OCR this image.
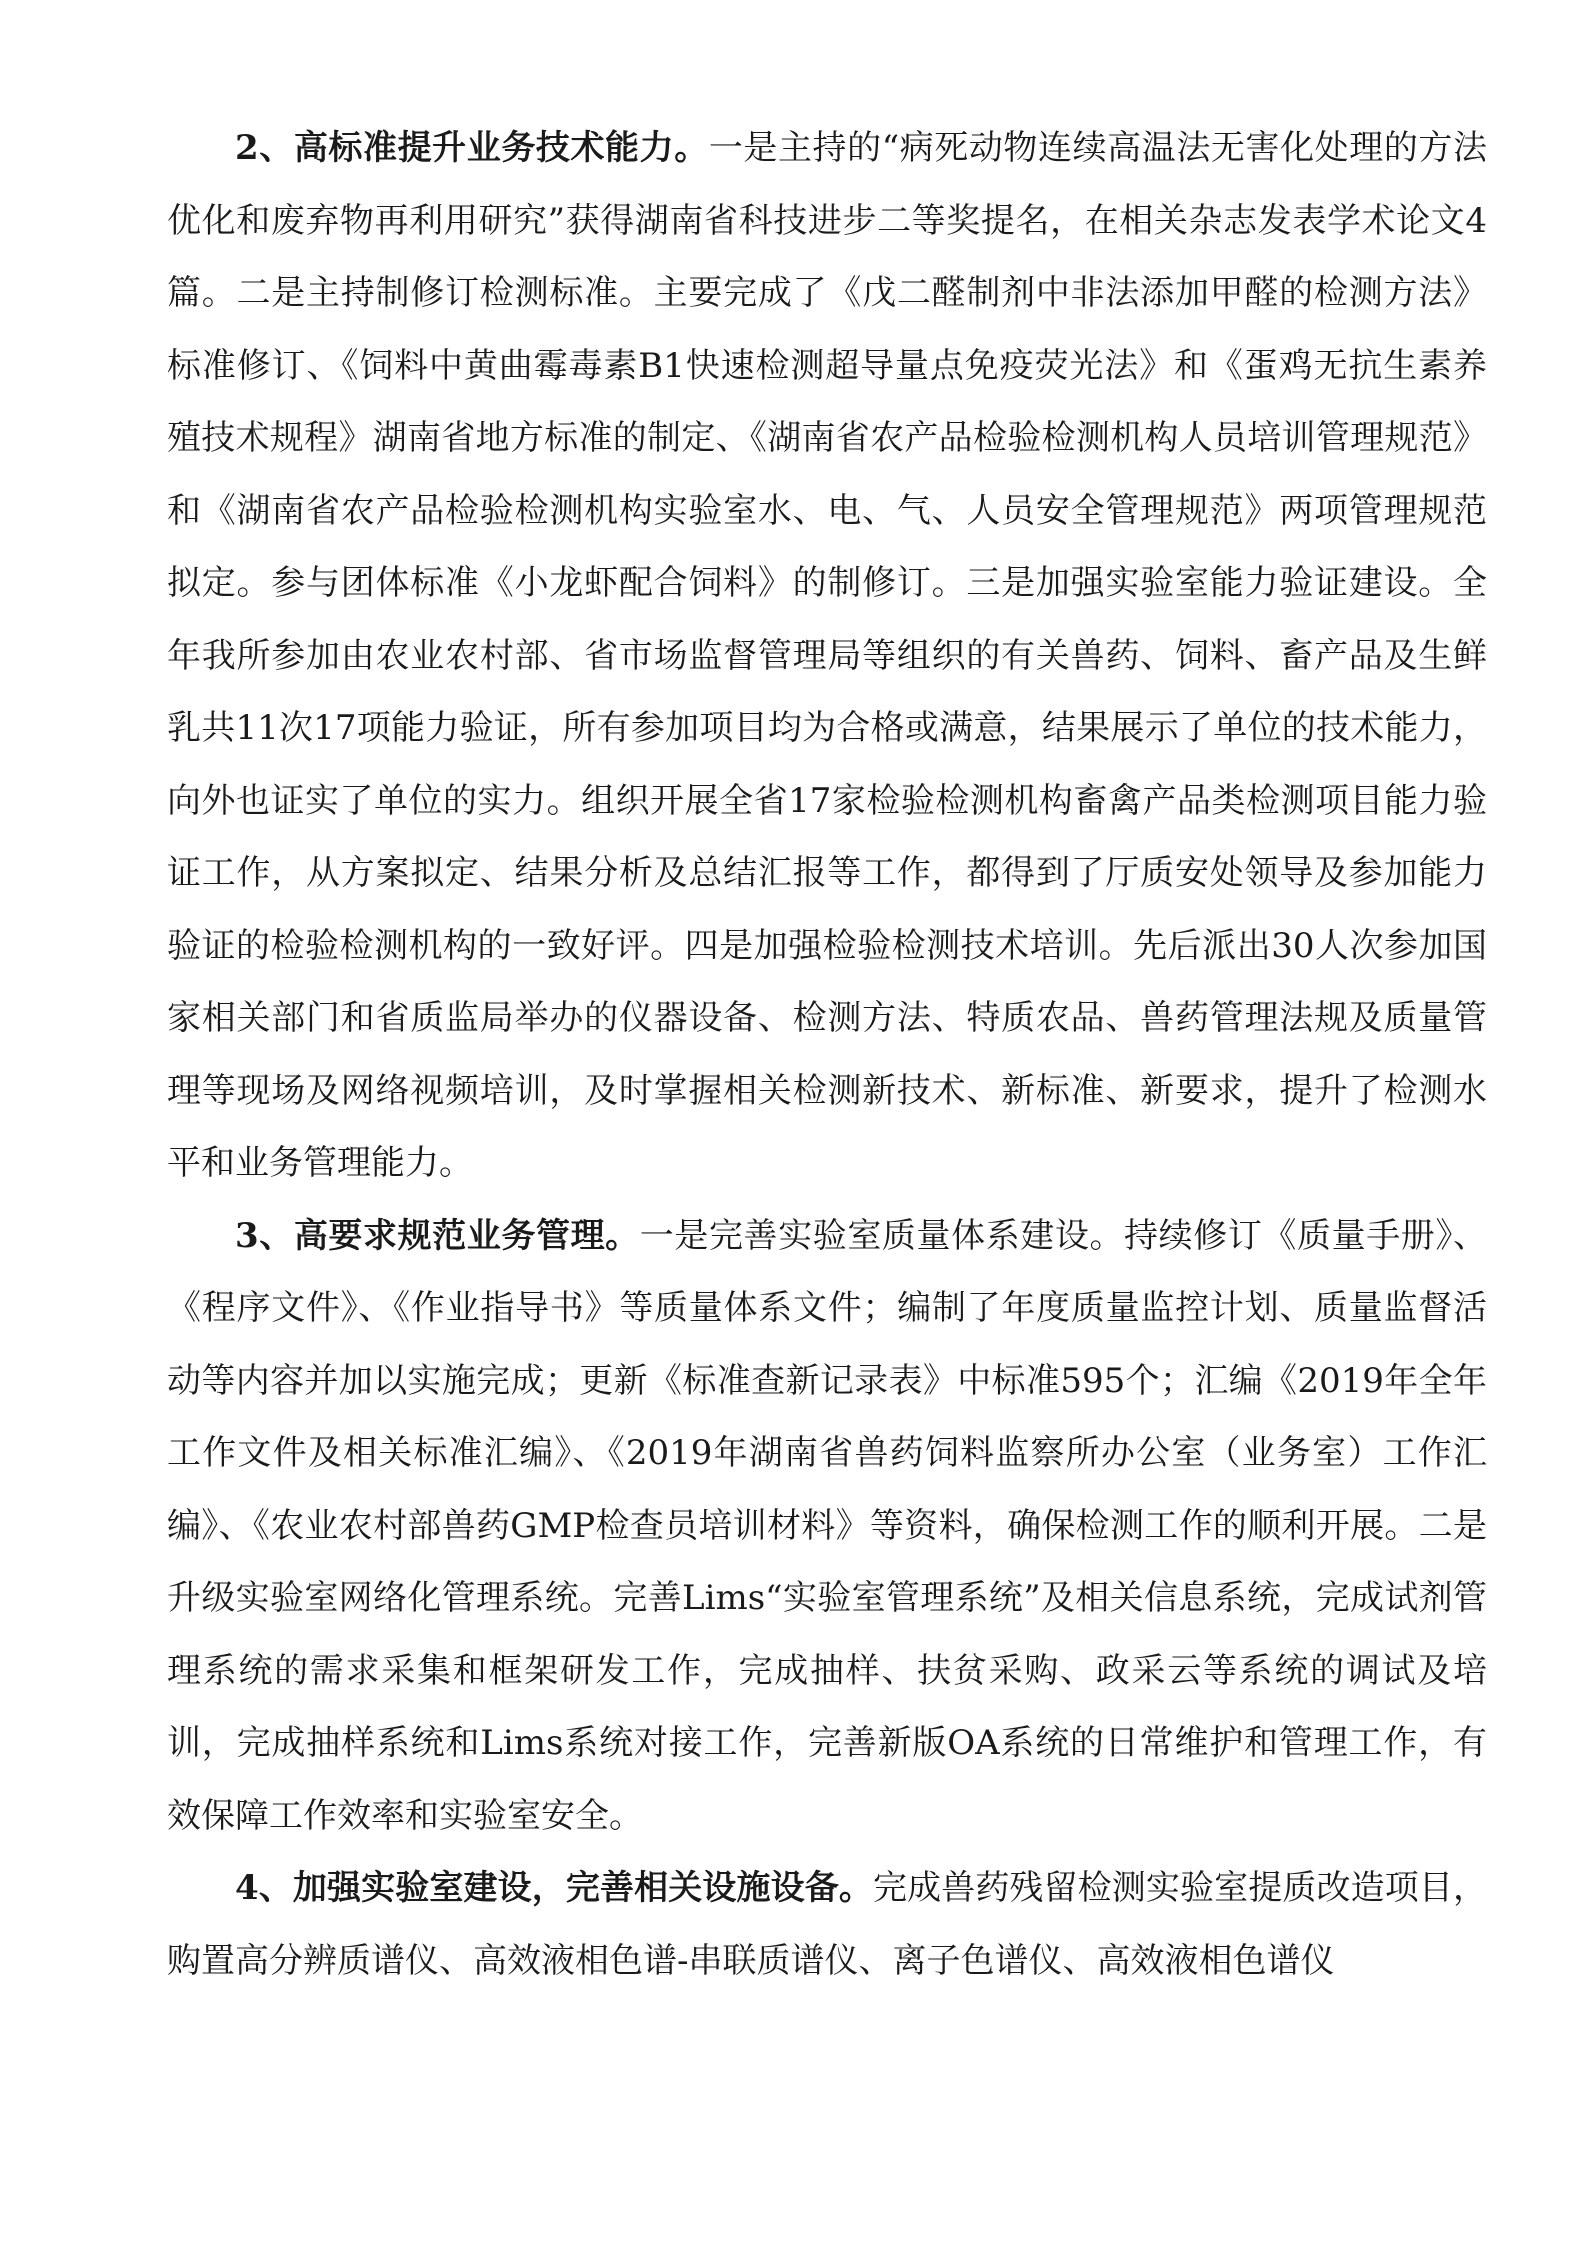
2、高标准提升业务技术能力。一是主持的“病死动物连续高温法无害化处理的方法优化和废弃物再利用研究”获得湖南省科技进步二等奖提名，在相关杂志发表学术论文4篇。二是主持制修订检测标准。主要完成了《戊二醛制剂中非法添加甲醛的检测方法》标准修订、《饲料中黄曲霉毒素B1快速检测超导量点免疫荧光法》和《蛋鸡无抗生素养殖技术规程》湖南省地方标准的制定、《湖南省农产品检验检测机构人员培训管理规范》和《湖南省农产品检验检测机构实验室水、电、气、人员安全管理规范》两项管理规范拟定。参与团体标准《小龙虾配合饲料》的制修订。三是加强实验室能力验证建设。全年我所参加由农业农村部、省市场监督管理局等组织的有关兽药、饲料、畜产品及生鲜乳共11次17项能力验证，所有参加项目均为合格或满意，结果展示了单位的技术能力，向外也证实了单位的实力。组织开展全省17家检验检测机构畜禽产品类检测项目能力验证工作，从方案拟定、结果分析及总结汇报等工作，都得到了厅质安处领导及参加能力验证的检验检测机构的一致好评。四是加强检验检测技术培训。先后派出30人次参加国家相关部门和省质监局举办的仪器设备、检测方法、特质农品、兽药管理法规及质量管理等现场及网络视频培训，及时掌握相关检测新技术、新标准、新要求，提升了检测水平和业务管理能力。

3、高要求规范业务管理。一是完善实验室质量体系建设。持续修订《质量手册》、《程序文件》、《作业指导书》等质量体系文件；编制了年度质量监控计划、质量监督活动等内容并加以实施完成；更新《标准查新记录表》中标准595个；汇编《2019年全年工作文件及相关标准汇编》、《2019年湖南省兽药饲料监察所办公室（业务室）工作汇编》、《农业农村部兽药GMP检查员培训材料》等资料，确保检测工作的顺利开展。二是升级实验室网络化管理系统。完善Lims“实验室管理系统”及相关信息系统，完成试剂管理系统的需求采集和框架研发工作，完成抽样、扶贫采购、政采云等系统的调试及培训，完成抽样系统和Lims系统对接工作，完善新版OA系统的日常维护和管理工作，有效保障工作效率和实验室安全。

4、加强实验室建设，完善相关设施设备。完成兽药残留检测实验室提质改造项目，购置高分辨质谱仪、高效液相色谱-串联质谱仪、离子色谱仪、高效液相色谱仪
